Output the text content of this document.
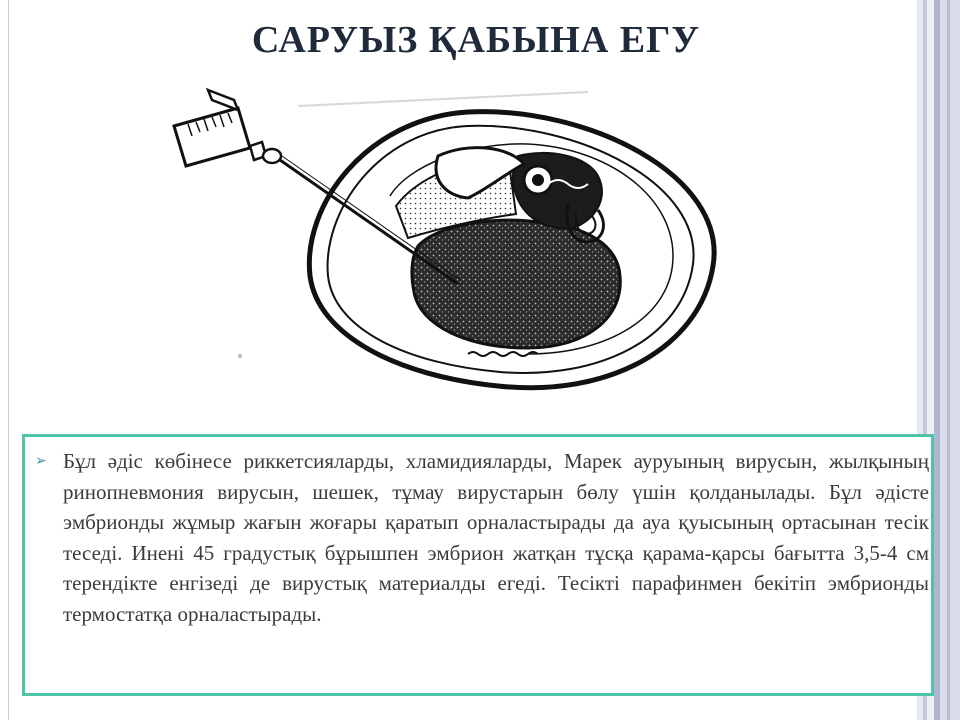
САРУЫЗ ҚАБЫНА ЕГУ
➢ Бұл әдіс көбінесе риккетсияларды, хламидияларды, Марек ауруының вирусын, жылқының ринопневмония вирусын, шешек, тұмау вирустарын бөлу үшін қолданылады. Бұл әдісте эмбрионды жұмыр жағын жоғары қаратып орналастырады да ауа қуысының ортасынан тесік теседі. Инені 45 градустық бұрышпен эмбрион жатқан тұсқа қарама-қарсы бағытта 3,5-4 см терендікте енгізеді де вирустық материалды егеді. Тесікті парафинмен бекітіп эмбрионды термостатқа орналастырады.
